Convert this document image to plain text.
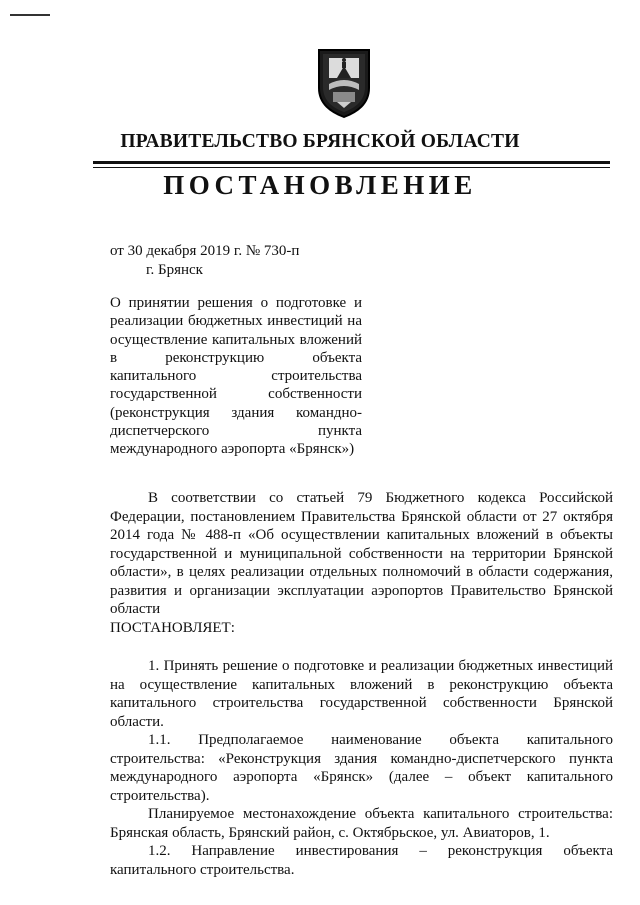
ПРАВИТЕЛЬСТВО БРЯНСКОЙ ОБЛАСТИ
ПОСТАНОВЛЕНИЕ
от 30 декабря 2019 г. № 730-п
г. Брянск
О принятии решения о подготовке и реализации бюджетных инвестиций на осуществление капитальных вложений в реконструкцию объекта капитального строительства государственной собственности (реконструкция здания командно-диспетчерского пункта международного аэропорта «Брянск»)

В соответствии со статьей 79 Бюджетного кодекса Российской Федерации, постановлением Правительства Брянской области от 27 октября 2014 года № 488-п «Об осуществлении капитальных вложений в объекты государственной и муниципальной собственности на территории Брянской области», в целях реализации отдельных полномочий в области содержания, развития и организации эксплуатации аэропортов Правительство Брянской области

ПОСТАНОВЛЯЕТ:

1. Принять решение о подготовке и реализации бюджетных инвестиций на осуществление капитальных вложений в реконструкцию объекта капитального строительства государственной собственности Брянской области.

1.1. Предполагаемое наименование объекта капитального строительства: «Реконструкция здания командно-диспетчерского пункта международного аэропорта «Брянск» (далее – объект капитального строительства).

Планируемое местонахождение объекта капитального строительства: Брянская область, Брянский район, с. Октябрьское, ул. Авиаторов, 1.

1.2. Направление инвестирования – реконструкция объекта капитального строительства.
